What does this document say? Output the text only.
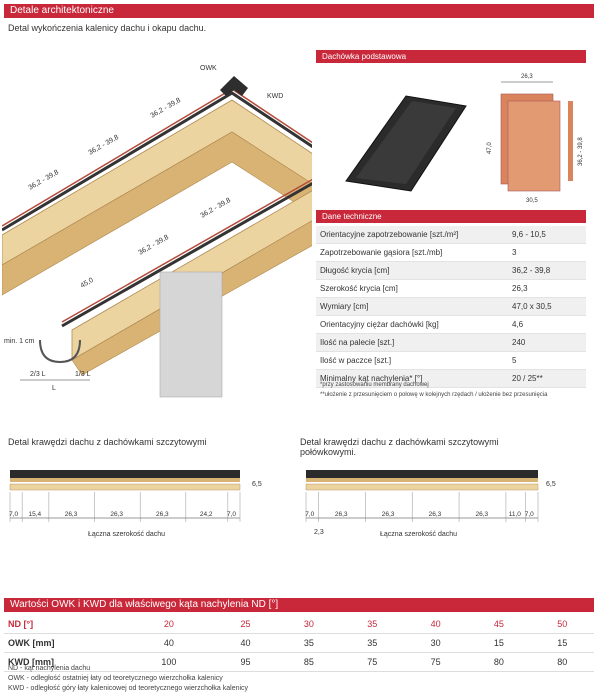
Detale architektoniczne
Detal wykończenia kalenicy dachu i okapu dachu.
36,2 - 39,8
36,2 - 39,8
36,2 - 39,8
36,2 - 39,8
36,2 - 39,8
45,0
OWK
KWD
min. 1 cm
2/3 L	1/3 L
L
Dachówka podstawowa
26,3
47,0	36,2 - 39,8
30,5
Dane techniczne
Orientacyjne zapotrzebowanie [szt./m²]	9,6 - 10,5
Zapotrzebowanie gąsiora [szt./mb]	3
Długość krycia [cm]	36,2 - 39,8
Szerokość krycia [cm]	26,3
Wymiary [cm]	47,0 x 30,5
Orientacyjny ciężar dachówki [kg]	4,6
Ilość na palecie [szt.]	240
Ilość w paczce [szt.]	5
Minimalny kąt nachylenia* [°]	20 / 25**
*przy zastosowaniu membrany dachowej
**ułożenie z przesunięciem o połowę w kolejnych rzędach / ułożenie bez przesunięcia
Detal krawędzi dachu z dachówkami szczytowymi
6,5
7,0 15,4	26,3	26,3	26,3	24,2 7,0
Łączna szerokość dachu
Detal krawędzi dachu z dachówkami szczytowymi
połówkowymi.
6,5
7,0	26,3	26,3	26,3	26,3	11,0 7,0
2,3	Łączna szerokość dachu
Wartości OWK i KWD dla właściwego kąta nachylenia ND [°]
ND [°]	20	25	30	35	40	45	50
OWK [mm]	40	40	35	35	30	15	15
KWD [mm]	100	95	85	75	75	80	80
ND - kąt nachylenia dachu
OWK - odległość ostatniej łaty od teoretycznego wierzchołka kalenicy
KWD - odległość góry łaty kalenicowej od teoretycznego wierzchołka kalenicy
